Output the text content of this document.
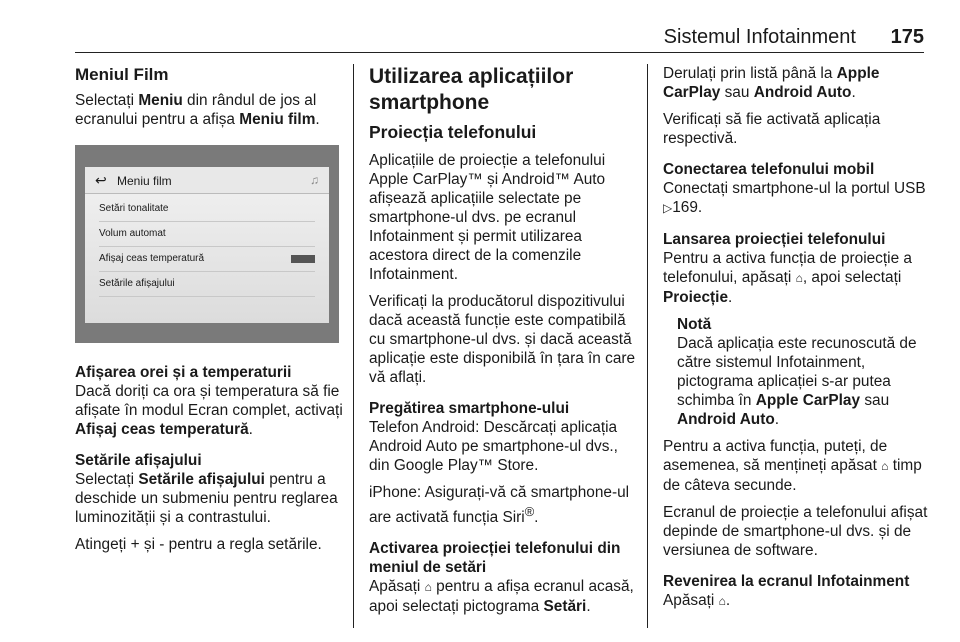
Sistemul Infotainment 175
Meniul Film

Selectați Meniu din rândul de jos al ecranului pentru a afișa Meniu film.

↩ Meniu film	♫
Setări tonalitate
Volum automat
Afișaj ceas temperatură
Setările afișajului

Afișarea orei și a temperaturii
Dacă doriți ca ora și temperatura să fie afișate în modul Ecran complet, activați Afișaj ceas temperatură.

Setările afișajului
Selectați Setările afișajului pentru a deschide un submeniu pentru reglarea luminozității și a contrastului.

Atingeți + și - pentru a regla setările.

Utilizarea aplicațiilor smartphone
Proiecția telefonului

Aplicațiile de proiecție a telefonului Apple CarPlay™ și Android™ Auto afișează aplicațiile selectate pe smartphone-ul dvs. pe ecranul Infotainment și permit utilizarea acestora direct de la comenzile Infotainment.

Verificați la producătorul dispozitivului dacă această funcție este compatibilă cu smartphone-ul dvs. și dacă această aplicație este disponibilă în țara în care vă aflați.

Pregătirea smartphone-ului
Telefon Android: Descărcați aplicația Android Auto pe smartphone-ul dvs., din Google Play™ Store.

iPhone: Asigurați-vă că smartphone-ul are activată funcția Siri®.

Activarea proiecției telefonului din meniul de setări
Apăsați ⌂ pentru a afișa ecranul acasă, apoi selectați pictograma Setări.

Derulați prin listă până la Apple CarPlay sau Android Auto.

Verificați să fie activată aplicația respectivă.

Conectarea telefonului mobil
Conectați smartphone-ul la portul USB ▷169.

Lansarea proiecției telefonului
Pentru a activa funcția de proiecție a telefonului, apăsați ⌂, apoi selectați Proiecție.

Notă
Dacă aplicația este recunoscută de către sistemul Infotainment, pictograma aplicației s-ar putea schimba în Apple CarPlay sau Android Auto.

Pentru a activa funcția, puteți, de asemenea, să mențineți apăsat ⌂ timp de câteva secunde.

Ecranul de proiecție a telefonului afișat depinde de smartphone-ul dvs. și de versiunea de software.

Revenirea la ecranul Infotainment
Apăsați ⌂.
